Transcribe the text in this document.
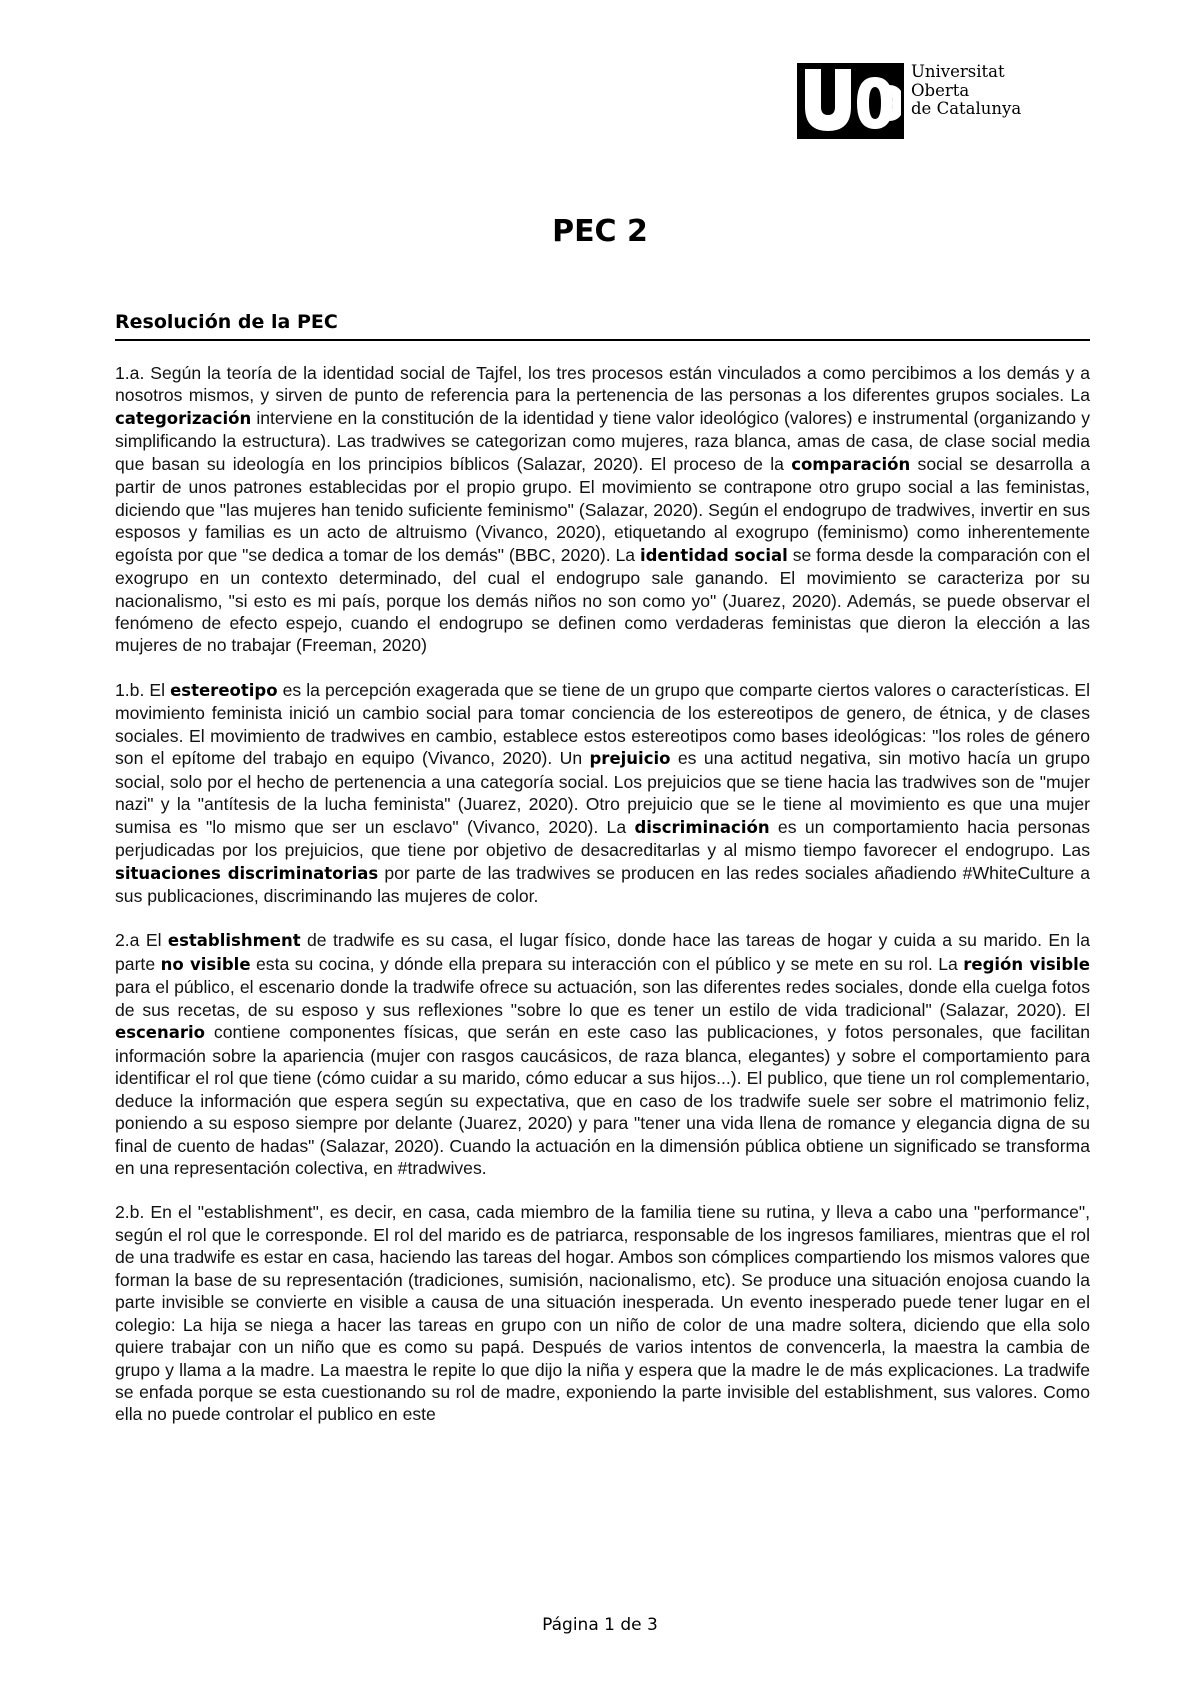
Universitat
Oberta
de Catalunya
PEC 2
Resolución de la PEC

1.a. Según la teoría de la identidad social de Tajfel, los tres procesos están vinculados a como percibimos a los demás y a nosotros mismos, y sirven de punto de referencia para la pertenencia de las personas a los diferentes grupos sociales. La categorización interviene en la constitución de la identidad y tiene valor ideológico (valores) e instrumental (organizando y simplificando la estructura). Las tradwives se categorizan como mujeres, raza blanca, amas de casa, de clase social media que basan su ideología en los principios bíblicos (Salazar, 2020). El proceso de la comparación social se desarrolla a partir de unos patrones establecidas por el propio grupo. El movimiento se contrapone otro grupo social a las feministas, diciendo que "las mujeres han tenido suficiente feminismo" (Salazar, 2020). Según el endogrupo de tradwives, invertir en sus esposos y familias es un acto de altruismo (Vivanco, 2020), etiquetando al exogrupo (feminismo) como inherentemente egoísta por que "se dedica a tomar de los demás" (BBC, 2020). La identidad social se forma desde la comparación con el exogrupo en un contexto determinado, del cual el endogrupo sale ganando. El movimiento se caracteriza por su nacionalismo, "si esto es mi país, porque los demás niños no son como yo" (Juarez, 2020). Además, se puede observar el fenómeno de efecto espejo, cuando el endogrupo se definen como verdaderas feministas que dieron la elección a las mujeres de no trabajar (Freeman, 2020)

1.b. El estereotipo es la percepción exagerada que se tiene de un grupo que comparte ciertos valores o características. El movimiento feminista inició un cambio social para tomar conciencia de los estereotipos de genero, de étnica, y de clases sociales. El movimiento de tradwives en cambio, establece estos estereotipos como bases ideológicas: "los roles de género son el epítome del trabajo en equipo (Vivanco, 2020). Un prejuicio es una actitud negativa, sin motivo hacía un grupo social, solo por el hecho de pertenencia a una categoría social. Los prejuicios que se tiene hacia las tradwives son de "mujer nazi" y la "antítesis de la lucha feminista" (Juarez, 2020). Otro prejuicio que se le tiene al movimiento es que una mujer sumisa es "lo mismo que ser un esclavo" (Vivanco, 2020). La discriminación es un comportamiento hacia personas perjudicadas por los prejuicios, que tiene por objetivo de desacreditarlas y al mismo tiempo favorecer el endogrupo. Las situaciones discriminatorias por parte de las tradwives se producen en las redes sociales añadiendo #WhiteCulture a sus publicaciones, discriminando las mujeres de color.

2.a El establishment de tradwife es su casa, el lugar físico, donde hace las tareas de hogar y cuida a su marido. En la parte no visible esta su cocina, y dónde ella prepara su interacción con el público y se mete en su rol. La región visible para el público, el escenario donde la tradwife ofrece su actuación, son las diferentes redes sociales, donde ella cuelga fotos de sus recetas, de su esposo y sus reflexiones "sobre lo que es tener un estilo de vida tradicional" (Salazar, 2020). El escenario contiene componentes físicas, que serán en este caso las publicaciones, y fotos personales, que facilitan información sobre la apariencia (mujer con rasgos caucásicos, de raza blanca, elegantes) y sobre el comportamiento para identificar el rol que tiene (cómo cuidar a su marido, cómo educar a sus hijos...). El publico, que tiene un rol complementario, deduce la información que espera según su expectativa, que en caso de los tradwife suele ser sobre el matrimonio feliz, poniendo a su esposo siempre por delante (Juarez, 2020) y para "tener una vida llena de romance y elegancia digna de su final de cuento de hadas" (Salazar, 2020). Cuando la actuación en la dimensión pública obtiene un significado se transforma en una representación colectiva, en #tradwives.

2.b. En el "establishment", es decir, en casa, cada miembro de la familia tiene su rutina, y lleva a cabo una "performance", según el rol que le corresponde. El rol del marido es de patriarca, responsable de los ingresos familiares, mientras que el rol de una tradwife es estar en casa, haciendo las tareas del hogar. Ambos son cómplices compartiendo los mismos valores que forman la base de su representación (tradiciones, sumisión, nacionalismo, etc). Se produce una situación enojosa cuando la parte invisible se convierte en visible a causa de una situación inesperada. Un evento inesperado puede tener lugar en el colegio: La hija se niega a hacer las tareas en grupo con un niño de color de una madre soltera, diciendo que ella solo quiere trabajar con un niño que es como su papá. Después de varios intentos de convencerla, la maestra la cambia de grupo y llama a la madre. La maestra le repite lo que dijo la niña y espera que la madre le de más explicaciones. La tradwife se enfada porque se esta cuestionando su rol de madre, exponiendo la parte invisible del establishment, sus valores. Como ella no puede controlar el publico en este

Página 1 de 3
